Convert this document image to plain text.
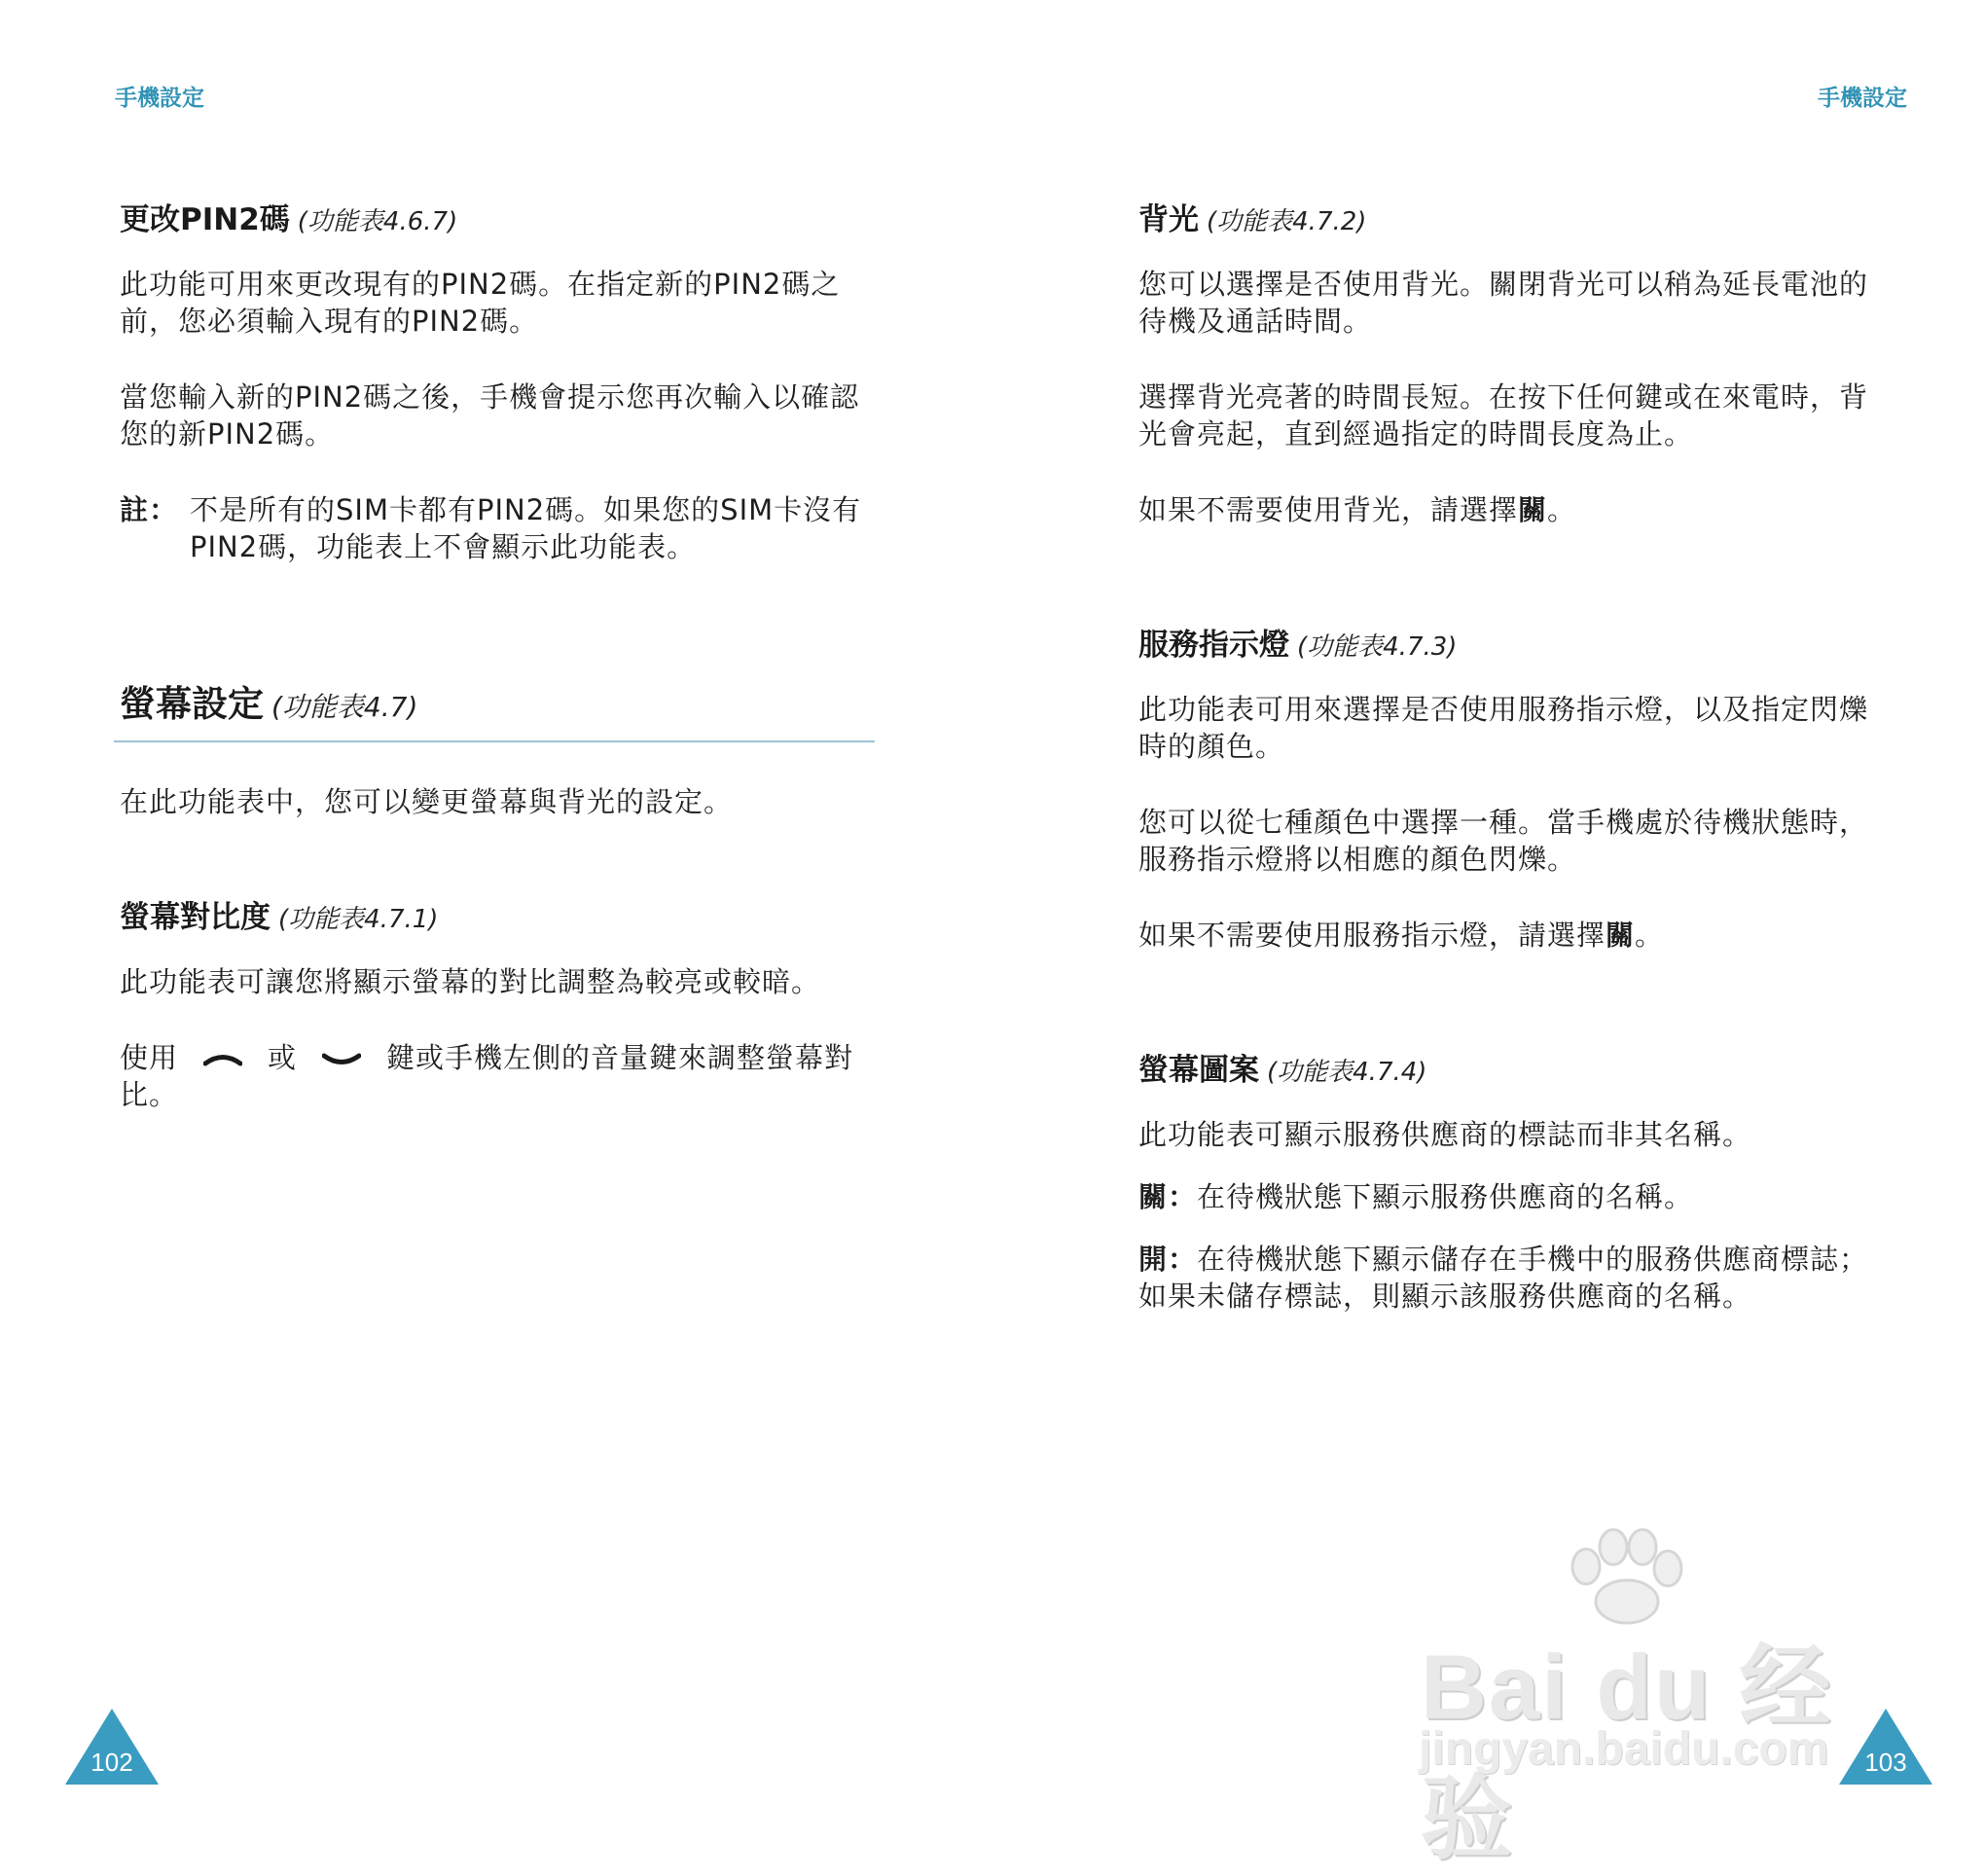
手機設定
更改PIN2碼 (功能表4.6.7)

此功能可用來更改現有的PIN2碼。在指定新的PIN2碼之前，您必須輸入現有的PIN2碼。

當您輸入新的PIN2碼之後，手機會提示您再次輸入以確認您的新PIN2碼。

註： 不是所有的SIM卡都有PIN2碼。如果您的SIM卡沒有PIN2碼，功能表上不會顯示此功能表。
螢幕設定 (功能表4.7)

在此功能表中，您可以變更螢幕與背光的設定。

螢幕對比度 (功能表4.7.1)

此功能表可讓您將顯示螢幕的對比調整為較亮或較暗。

使用	或	鍵或手機左側的音量鍵來調整螢幕對比。

102
手機設定
背光 (功能表4.7.2)

您可以選擇是否使用背光。關閉背光可以稍為延長電池的待機及通話時間。

選擇背光亮著的時間長短。在按下任何鍵或在來電時，背光會亮起，直到經過指定的時間長度為止。

如果不需要使用背光，請選擇關。

服務指示燈 (功能表4.7.3)

此功能表可用來選擇是否使用服務指示燈，以及指定閃爍時的顏色。

您可以從七種顏色中選擇一種。當手機處於待機狀態時，服務指示燈將以相應的顏色閃爍。

如果不需要使用服務指示燈，請選擇關。

螢幕圖案 (功能表4.7.4)

此功能表可顯示服務供應商的標誌而非其名稱。

關：在待機狀態下顯示服務供應商的名稱。

開：在待機狀態下顯示儲存在手機中的服務供應商標誌；如果未儲存標誌，則顯示該服務供應商的名稱。

103
Bai du 经验
jingyan.baidu.com
